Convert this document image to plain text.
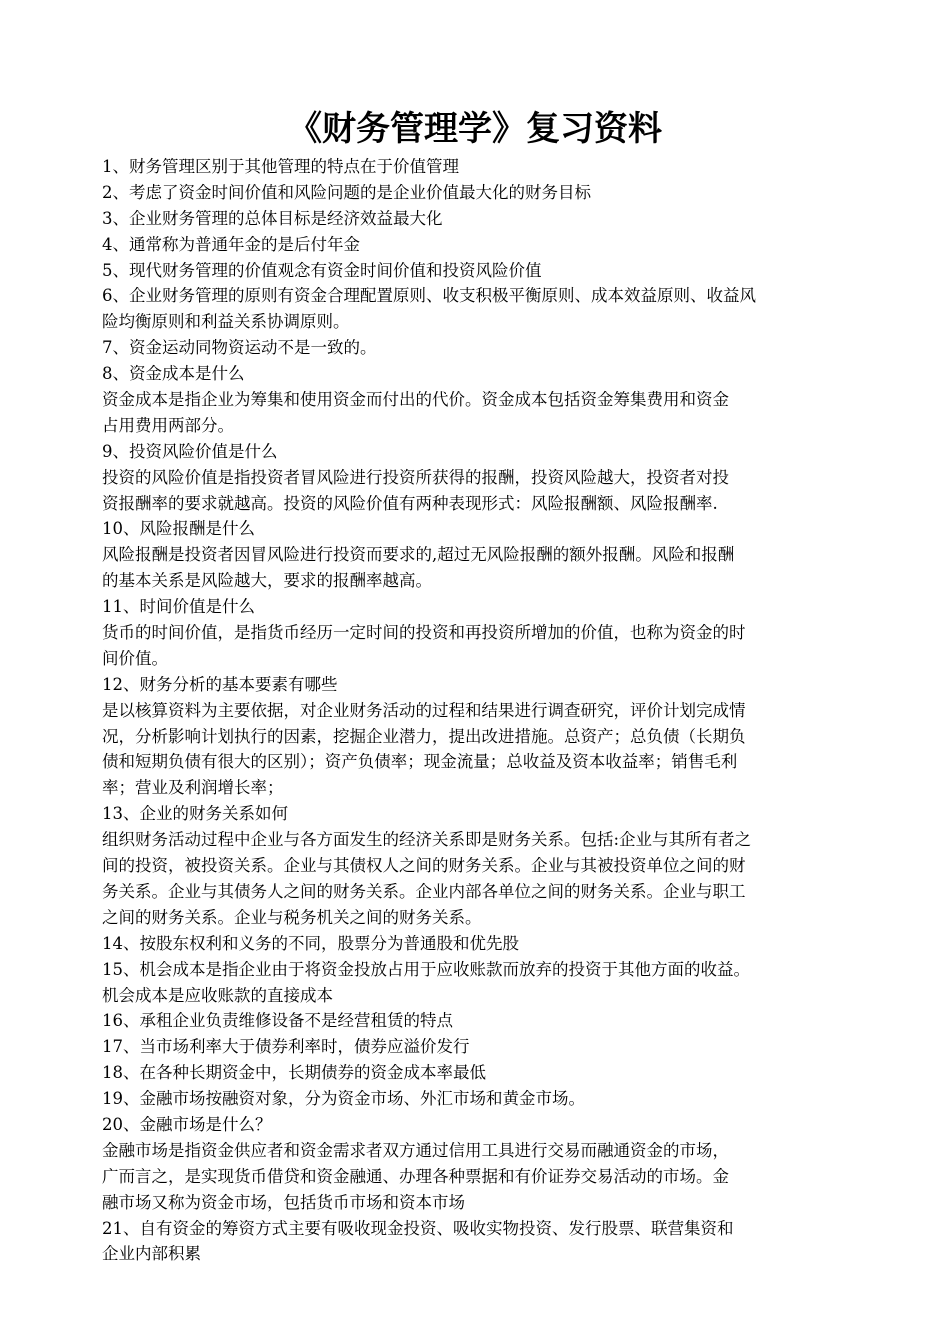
《财务管理学》复习资料
1、财务管理区别于其他管理的特点在于价值管理
2、考虑了资金时间价值和风险问题的是企业价值最大化的财务目标
3、企业财务管理的总体目标是经济效益最大化
4、通常称为普通年金的是后付年金
5、现代财务管理的价值观念有资金时间价值和投资风险价值
6、企业财务管理的原则有资金合理配置原则、收支积极平衡原则、成本效益原则、收益风
险均衡原则和利益关系协调原则。
7、资金运动同物资运动不是一致的。
8、资金成本是什么
资金成本是指企业为筹集和使用资金而付出的代价。资金成本包括资金筹集费用和资金
占用费用两部分。
9、投资风险价值是什么
投资的风险价值是指投资者冒风险进行投资所获得的报酬，投资风险越大，投资者对投
资报酬率的要求就越高。投资的风险价值有两种表现形式：风险报酬额、风险报酬率.
10、风险报酬是什么
风险报酬是投资者因冒风险进行投资而要求的,超过无风险报酬的额外报酬。风险和报酬
的基本关系是风险越大，要求的报酬率越高。
11、时间价值是什么
货币的时间价值，是指货币经历一定时间的投资和再投资所增加的价值，也称为资金的时
间价值。
12、财务分析的基本要素有哪些
是以核算资料为主要依据，对企业财务活动的过程和结果进行调查研究，评价计划完成情
况，分析影响计划执行的因素，挖掘企业潜力，提出改进措施。总资产；总负债（长期负
债和短期负债有很大的区别）；资产负债率；现金流量；总收益及资本收益率；销售毛利
率；营业及利润增长率；
13、企业的财务关系如何
组织财务活动过程中企业与各方面发生的经济关系即是财务关系。包括:企业与其所有者之
间的投资，被投资关系。企业与其债权人之间的财务关系。企业与其被投资单位之间的财
务关系。企业与其债务人之间的财务关系。企业内部各单位之间的财务关系。企业与职工
之间的财务关系。企业与税务机关之间的财务关系。
14、按股东权利和义务的不同，股票分为普通股和优先股
15、机会成本是指企业由于将资金投放占用于应收账款而放弃的投资于其他方面的收益。
机会成本是应收账款的直接成本
16、承租企业负责维修设备不是经营租赁的特点
17、当市场利率大于债券利率时，债券应溢价发行
18、在各种长期资金中，长期债券的资金成本率最低
19、金融市场按融资对象，分为资金市场、外汇市场和黄金市场。
20、金融市场是什么？
金融市场是指资金供应者和资金需求者双方通过信用工具进行交易而融通资金的市场，
广而言之，是实现货币借贷和资金融通、办理各种票据和有价证券交易活动的市场。金
融市场又称为资金市场，包括货币市场和资本市场
21、自有资金的筹资方式主要有吸收现金投资、吸收实物投资、发行股票、联营集资和
企业内部积累
